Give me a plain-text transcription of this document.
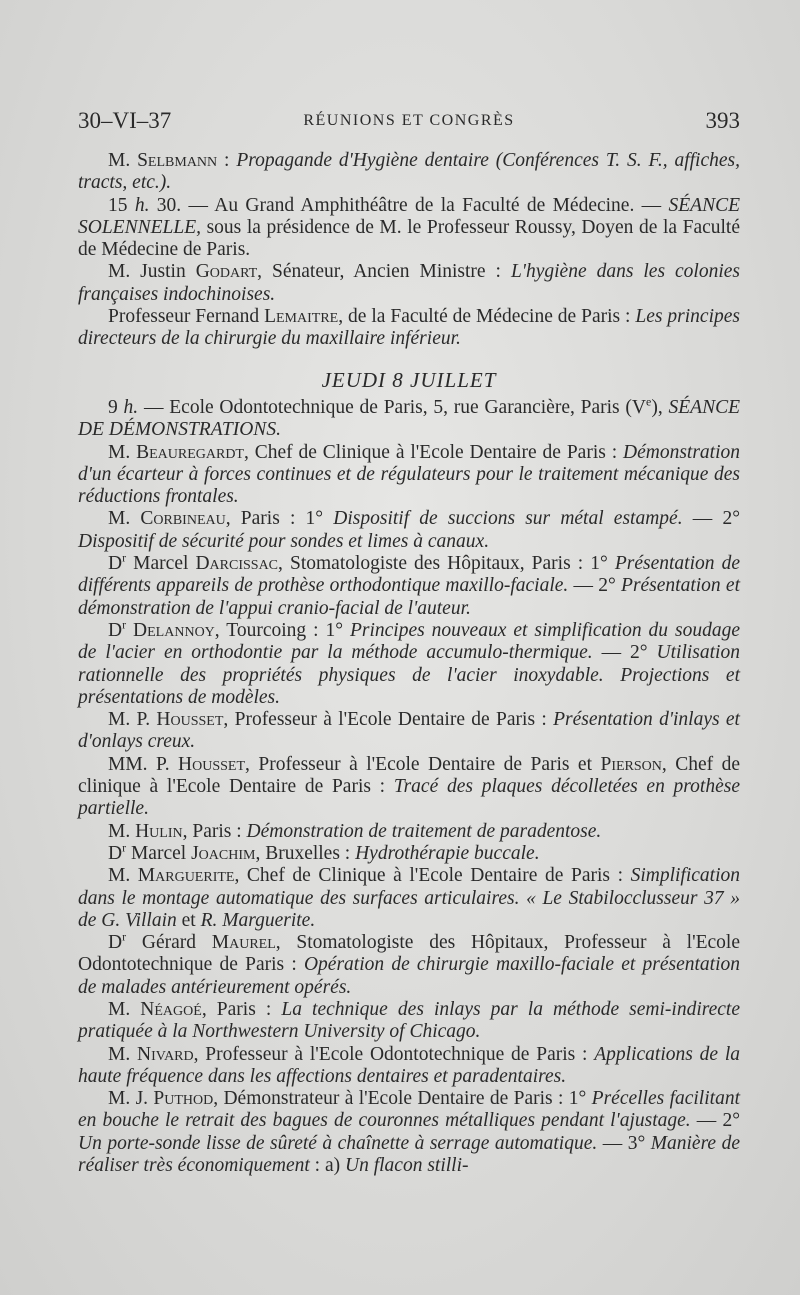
30–VI–37	RÉUNIONS ET CONGRÈS	393

M. Selbmann : Propagande d'Hygiène dentaire (Conférences T. S. F., affiches, tracts, etc.).

15 h. 30. — Au Grand Amphithéâtre de la Faculté de Médecine. — SÉANCE SOLENNELLE, sous la présidence de M. le Professeur Roussy, Doyen de la Faculté de Médecine de Paris.

M. Justin Godart, Sénateur, Ancien Ministre : L'hygiène dans les colonies françaises indochinoises.

Professeur Fernand Lemaitre, de la Faculté de Médecine de Paris : Les principes directeurs de la chirurgie du maxillaire inférieur.

JEUDI 8 JUILLET

9 h. — Ecole Odontotechnique de Paris, 5, rue Garancière, Paris (Ve), SÉANCE DE DÉMONSTRATIONS.

M. Beauregardt, Chef de Clinique à l'Ecole Dentaire de Paris : Démonstration d'un écarteur à forces continues et de régulateurs pour le traitement mécanique des réductions frontales.

M. Corbineau, Paris : 1° Dispositif de succions sur métal estampé. — 2° Dispositif de sécurité pour sondes et limes à canaux.

$D^r$ Marcel Darcissac, Stomatologiste des Hôpitaux, Paris : 1° Présentation de différents appareils de prothèse orthodontique maxillo-faciale. — 2° Présentation et démonstration de l'appui cranio-facial de l'auteur.

$D^r$ Delannoy, Tourcoing : 1° Principes nouveaux et simplification du soudage de l'acier en orthodontie par la méthode accumulo-thermique. — 2° Utilisation rationnelle des propriétés physiques de l'acier inoxydable. Projections et présentations de modèles.

M. P. Housset, Professeur à l'Ecole Dentaire de Paris : Présentation d'inlays et d'onlays creux.

MM. P. Housset, Professeur à l'Ecole Dentaire de Paris et Pierson, Chef de clinique à l'Ecole Dentaire de Paris : Tracé des plaques décolletées en prothèse partielle.

M. Hulin, Paris : Démonstration de traitement de paradentose.

$D^r$ Marcel Joachim, Bruxelles : Hydrothérapie buccale.

M. Marguerite, Chef de Clinique à l'Ecole Dentaire de Paris : Simplification dans le montage automatique des surfaces articulaires. « Le Stabilocclusseur 37 » de G. Villain et R. Marguerite.

$D^r$ Gérard Maurel, Stomatologiste des Hôpitaux, Professeur à l'Ecole Odontotechnique de Paris : Opération de chirurgie maxillo-faciale et présentation de malades antérieurement opérés.

M. Néagoé, Paris : La technique des inlays par la méthode semi-indirecte pratiquée à la Northwestern University of Chicago.

M. Nivard, Professeur à l'Ecole Odontotechnique de Paris : Applications de la haute fréquence dans les affections dentaires et paradentaires.

M. J. Puthod, Démonstrateur à l'Ecole Dentaire de Paris : 1° Précelles facilitant en bouche le retrait des bagues de couronnes métalliques pendant l'ajustage. — 2° Un porte-sonde lisse de sûreté à chaînette à serrage automatique. — 3° Manière de réaliser très économiquement : a) Un flacon stilli-
